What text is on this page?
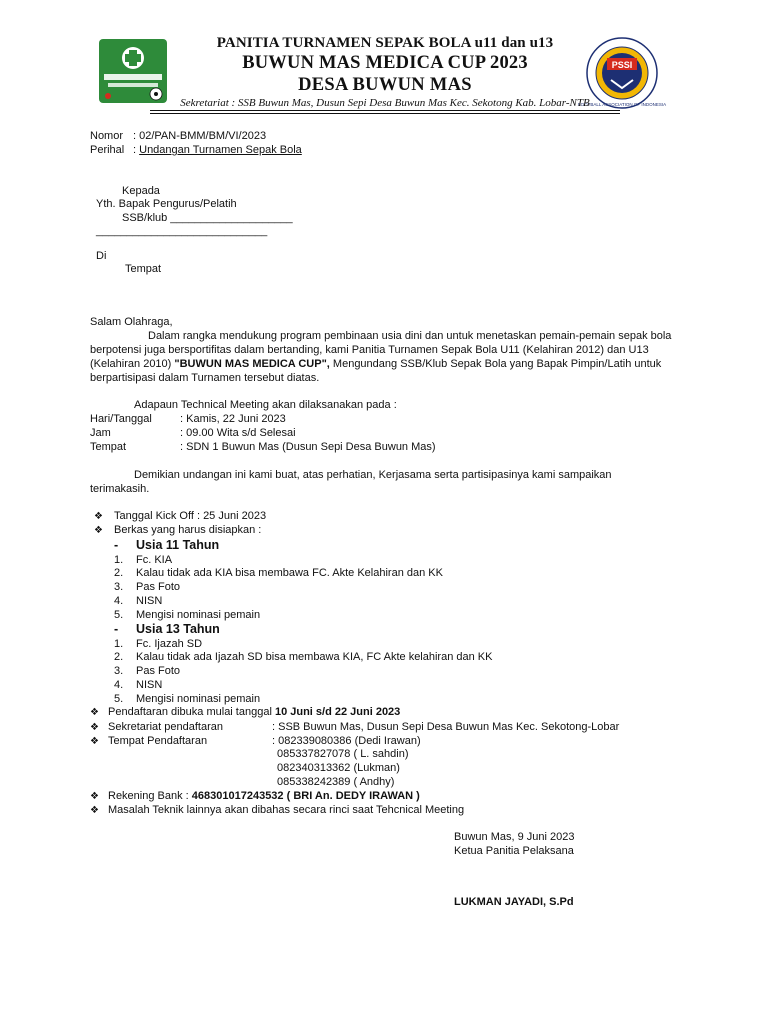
PSSI
FOOTBALL ASSOCIATION OF INDONESIA
PANITIA TURNAMEN SEPAK BOLA u11 dan u13
BUWUN MAS MEDICA CUP 2023
DESA BUWUN MAS
Sekretariat : SSB Buwun Mas, Dusun Sepi Desa Buwun Mas Kec. Sekotong Kab. Lobar-NTB
Nomor : 02/PAN-BMM/BM/VI/2023
Perihal : Undangan Turnamen Sepak Bola
Kepada
Yth. Bapak Pengurus/Pelatih
SSB/klub ____________________
____________________________
Di
Tempat
Salam Olahraga,
Dalam rangka mendukung program pembinaan usia dini dan untuk menetaskan pemain-pemain sepak bola
berpotensi juga bersportifitas dalam bertanding, kami Panitia Turnamen Sepak Bola U11 (Kelahiran 2012) dan U13
(Kelahiran 2010) "BUWUN MAS MEDICA CUP", Mengundang SSB/Klub Sepak Bola yang Bapak Pimpin/Latih untuk
berpartisipasi dalam Turnamen tersebut diatas.
Adapaun Technical Meeting akan dilaksanakan pada :
Hari/Tanggal	: Kamis, 22 Juni 2023
Jam	: 09.00 Wita s/d Selesai
Tempat	: SDN 1 Buwun Mas (Dusun Sepi Desa Buwun Mas)
Demikian undangan ini kami buat, atas perhatian, Kerjasama serta partisipasinya kami sampaikan
terimakasih.
❖ Tanggal Kick Off : 25 Juni 2023
❖ Berkas yang harus disiapkan :
- Usia 11 Tahun
1. Fc. KIA
2. Kalau tidak ada KIA bisa membawa FC. Akte Kelahiran dan KK
3. Pas Foto
4. NISN
5. Mengisi nominasi pemain
- Usia 13 Tahun
1. Fc. Ijazah SD
2. Kalau tidak ada Ijazah SD bisa membawa KIA, FC Akte kelahiran dan KK
3. Pas Foto
4. NISN
5. Mengisi nominasi pemain
❖ Pendaftaran dibuka mulai tanggal 10 Juni s/d 22 Juni 2023
❖ Sekretariat pendaftaran	: SSB Buwun Mas, Dusun Sepi Desa Buwun Mas Kec. Sekotong-Lobar
❖ Tempat Pendaftaran	: 082339080386 (Dedi Irawan)
085337827078 ( L. sahdin)
082340313362 (Lukman)
085338242389 ( Andhy)
❖ Rekening Bank : 468301017243532 ( BRI An. DEDY IRAWAN )
❖ Masalah Teknik lainnya akan dibahas secara rinci saat Tehcnical Meeting
Buwun Mas, 9 Juni 2023
Ketua Panitia Pelaksana
LUKMAN JAYADI, S.Pd
